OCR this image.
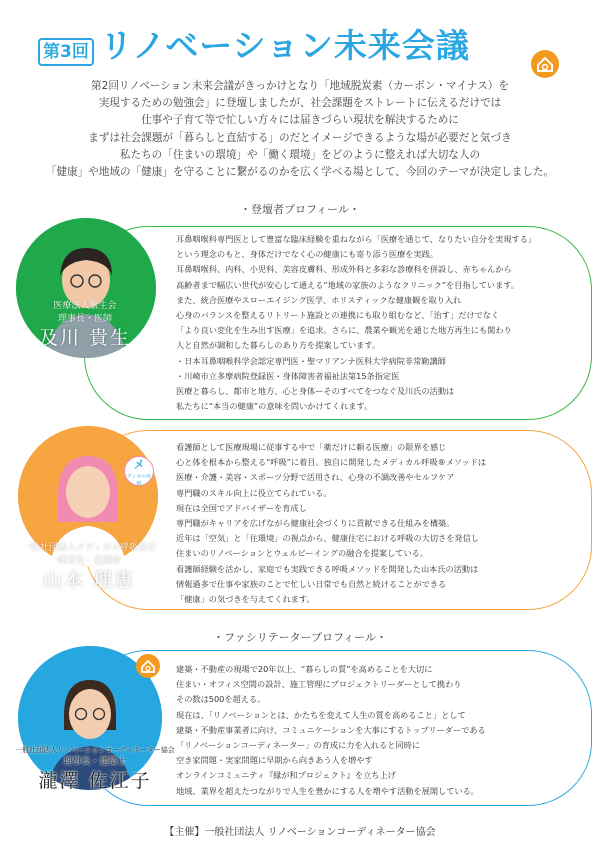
第3回 リノベーション未来会議
第2回リノベーション未来会議がきっかけとなり「地域脱炭素（カーボン・マイナス）を
実現するための勉強会」に登壇しましたが、社会課題をストレートに伝えるだけでは
仕事や子育て等で忙しい方々には届きづらい現状を解決するために
まずは社会課題が「暮らしと直結する」のだとイメージできるような場が必要だと気づき
私たちの「住まいの環境」や「働く環境」をどのように整えれば大切な人の
「健康」や地域の「健康」を守ることに繋がるのかを広く学べる場として、今回のテーマが決定しました。
・登壇者プロフィール・
耳鼻咽喉科専門医として豊富な臨床経験を重ねながら「医療を通じて、なりたい自分を実現する」
という理念のもと、身体だけでなく心の健康にも寄り添う医療を実践。
耳鼻咽喉科、内科、小児科、美容皮膚科、形成外科と多彩な診療科を併設し、赤ちゃんから
高齢者まで幅広い世代が安心して通える“地域の家族のようなクリニック”を目指しています。
また、統合医療やスローエイジング医学、ホリスティックな健康観を取り入れ
心身のバランスを整えるリトリート施設との連携にも取り組むなど、「治す」だけでなく
「より良い変化を生み出す医療」を追求。さらに、農業や観光を通じた地方再生にも関わり
人と自然が調和した暮らしのあり方を提案しています。
・日本耳鼻咽喉科学会認定専門医・聖マリアンナ医科大学病院非常勤講師
・川崎市立多摩病院登録医・身体障害者福祉法第15条指定医
医療と暮らし、都市と地方、心と身体ーそのすべてをつなぐ及川氏の活動は
私たちに“本当の健康”の意味を問いかけてくれます。
医療法人紫生会
理事長・医師
及川 貴生
看護師として医療現場に従事する中で「薬だけに頼る医療」の限界を感じ
心と体を根本から整える“呼吸”に着目。独自に開発したメディカル呼吸®メソッドは
医療・介護・美容・スポーツ分野で活用され、心身の不調改善やセルフケア
専門職のスキル向上に役立てられている。
現在は全国でアドバイザーを育成し
専門職がキャリアを広げながら健康社会づくりに貢献できる仕組みを構築。
近年は「空気」と「住環境」の視点から、健康住宅における呼吸の大切さを発信し
住まいのリノベーションとウェルビーイングの融合を提案している。
看護師経験を活かし、家庭でも実践できる呼吸メソッドを開発した山本氏の活動は
情報過多で仕事や家族のことで忙しい日常でも自然と続けることができる
「健康」の気づきを与えてくれます。
メ
ディカル呼吸
一般社団法人メディカル呼吸協会
理事長・看護師
山本 理恵
・ファシリテータープロフィール・
建築・不動産の現場で20年以上、“暮らしの質”を高めることを大切に
住まい・オフィス空間の設計、施工管理にプロジェクトリーダーとして携わり
その数は500を超える。
現在は、「リノベーションとは、かたちを変えて人生の質を高めること」として
建築・不動産事業者に向け、コミュニケーションを大事にするトップリーダーである
「リノベーションコーディネーター」の育成に力を入れると同時に
空き家問題・実家問題に早期から向きあう人を増やす
オンラインコミュニティ『縁が和プロジェクト』を立ち上げ
地域、業界を超えたつながりで人生を豊かにする人を増やす活動を展開している。
一般社団法人リノベーションコーディネーター協会
理事長・建築士
瀧澤 佐江子
【主催】一般社団法人 リノベーションコーディネーター協会
